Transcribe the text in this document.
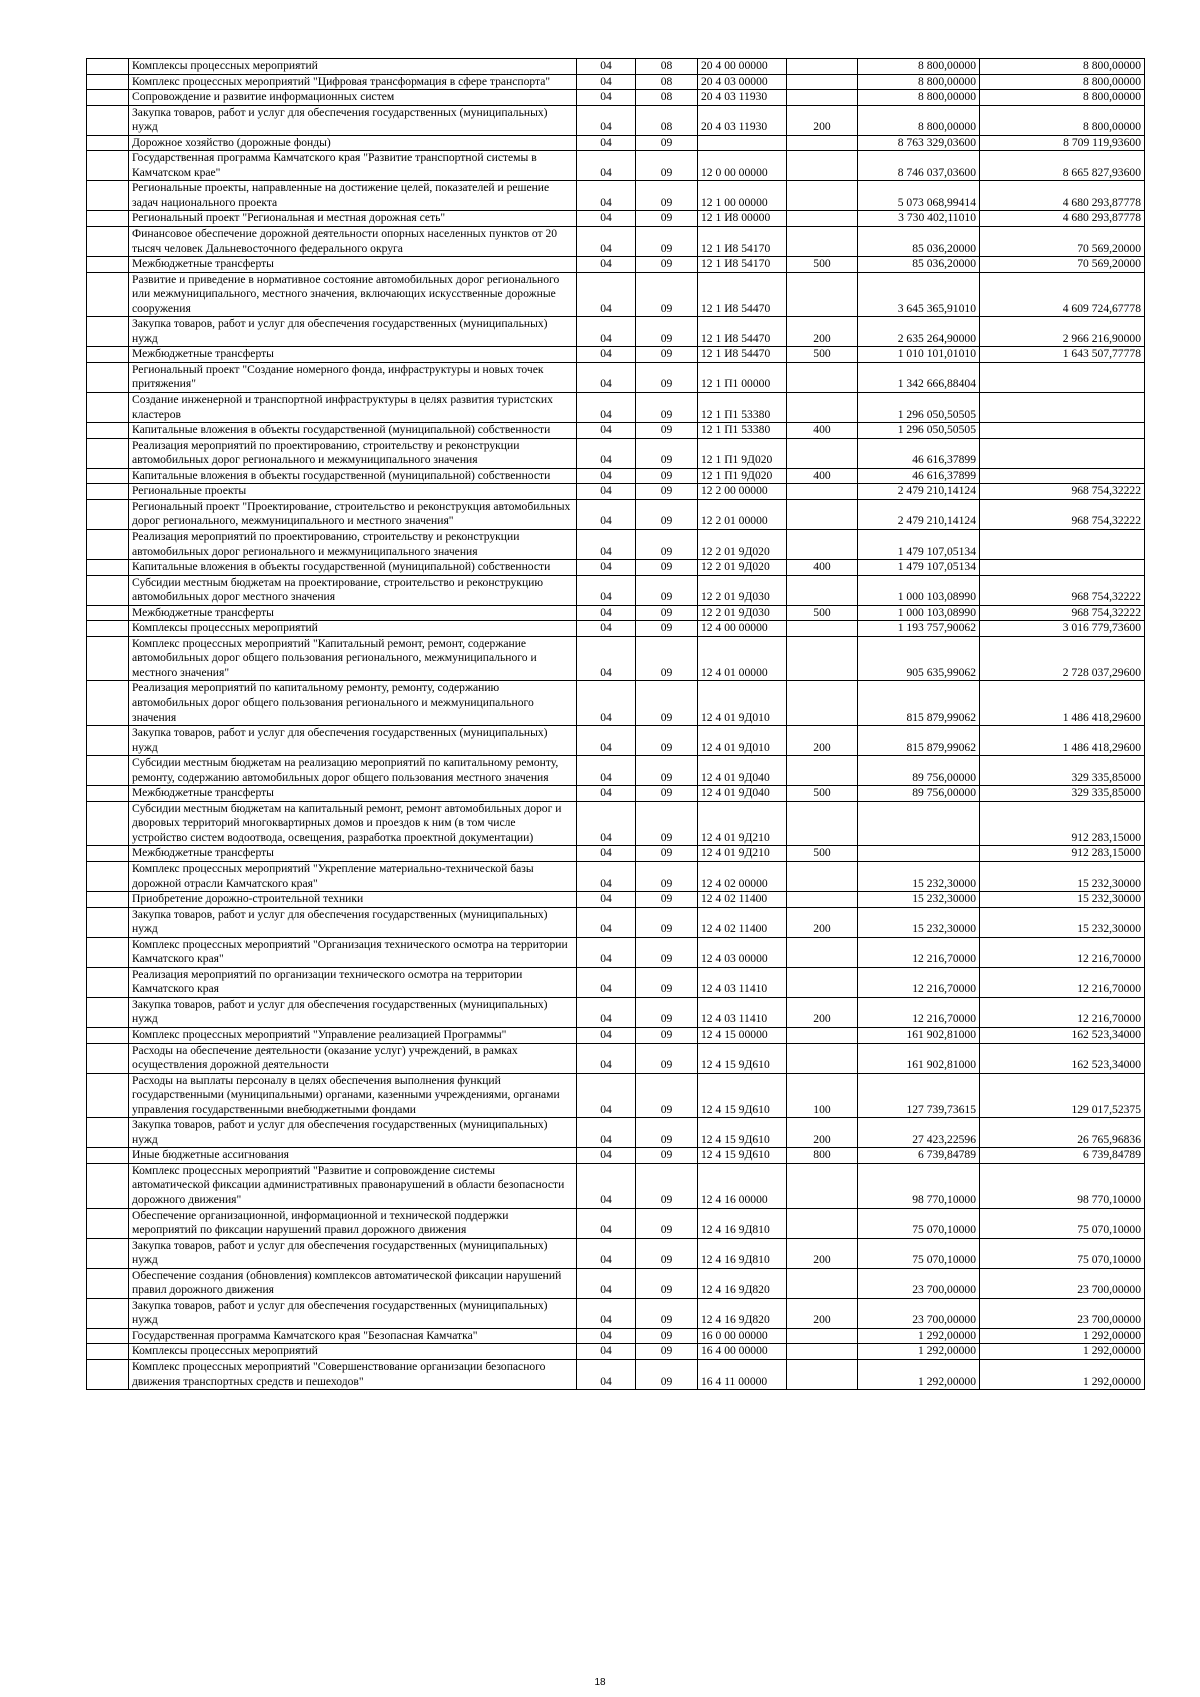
	Комплексы процессных мероприятий	04	08	20 4 00 00000		8 800,00000	8 800,00000
	Комплекс процессных мероприятий "Цифровая трансформация в сфере транспорта"	04	08	20 4 03 00000		8 800,00000	8 800,00000
	Сопровождение и развитие информационных систем	04	08	20 4 03 11930		8 800,00000	8 800,00000
	Закупка товаров, работ и услуг для обеспечения государственных (муниципальных) нужд	04	08	20 4 03 11930	200	8 800,00000	8 800,00000
	Дорожное хозяйство (дорожные фонды)	04	09			8 763 329,03600	8 709 119,93600
	Государственная программа Камчатского края "Развитие транспортной системы в Камчатском крае"	04	09	12 0 00 00000		8 746 037,03600	8 665 827,93600
	Региональные проекты, направленные на достижение целей, показателей и решение задач национального проекта	04	09	12 1 00 00000		5 073 068,99414	4 680 293,87778
	Региональный проект "Региональная и местная дорожная сеть"	04	09	12 1 И8 00000		3 730 402,11010	4 680 293,87778
	Финансовое обеспечение дорожной деятельности опорных населенных пунктов от 20 тысяч человек Дальневосточного федерального округа	04	09	12 1 И8 54170		85 036,20000	70 569,20000
	Межбюджетные трансферты	04	09	12 1 И8 54170	500	85 036,20000	70 569,20000
	Развитие и приведение в нормативное состояние автомобильных дорог регионального или межмуниципального, местного значения, включающих искусственные дорожные сооружения	04	09	12 1 И8 54470		3 645 365,91010	4 609 724,67778
	Закупка товаров, работ и услуг для обеспечения государственных (муниципальных) нужд	04	09	12 1 И8 54470	200	2 635 264,90000	2 966 216,90000
	Межбюджетные трансферты	04	09	12 1 И8 54470	500	1 010 101,01010	1 643 507,77778
	Региональный проект "Создание номерного фонда, инфраструктуры и новых точек притяжения"	04	09	12 1 П1 00000		1 342 666,88404	
	Создание инженерной и транспортной инфраструктуры в целях развития туристских кластеров	04	09	12 1 П1 53380		1 296 050,50505	
	Капитальные вложения в объекты государственной (муниципальной) собственности	04	09	12 1 П1 53380	400	1 296 050,50505	
	Реализация мероприятий по проектированию, строительству и реконструкции автомобильных дорог регионального и межмуниципального значения	04	09	12 1 П1 9Д020		46 616,37899	
	Капитальные вложения в объекты государственной (муниципальной) собственности	04	09	12 1 П1 9Д020	400	46 616,37899	
	Региональные проекты	04	09	12 2 00 00000		2 479 210,14124	968 754,32222
	Региональный проект "Проектирование, строительство и реконструкция автомобильных дорог регионального, межмуниципального и местного значения"	04	09	12 2 01 00000		2 479 210,14124	968 754,32222
	Реализация мероприятий по проектированию, строительству и реконструкции автомобильных дорог регионального и межмуниципального значения	04	09	12 2 01 9Д020		1 479 107,05134	
	Капитальные вложения в объекты государственной (муниципальной) собственности	04	09	12 2 01 9Д020	400	1 479 107,05134	
	Субсидии местным бюджетам на проектирование, строительство и реконструкцию автомобильных дорог местного значения	04	09	12 2 01 9Д030		1 000 103,08990	968 754,32222
	Межбюджетные трансферты	04	09	12 2 01 9Д030	500	1 000 103,08990	968 754,32222
	Комплексы процессных мероприятий	04	09	12 4 00 00000		1 193 757,90062	3 016 779,73600
	Комплекс процессных мероприятий "Капитальный ремонт, ремонт, содержание автомобильных дорог общего пользования регионального, межмуниципального и местного значения"	04	09	12 4 01 00000		905 635,99062	2 728 037,29600
	Реализация мероприятий по капитальному ремонту, ремонту, содержанию автомобильных дорог общего пользования регионального и межмуниципального значения	04	09	12 4 01 9Д010		815 879,99062	1 486 418,29600
	Закупка товаров, работ и услуг для обеспечения государственных (муниципальных) нужд	04	09	12 4 01 9Д010	200	815 879,99062	1 486 418,29600
	Субсидии местным бюджетам на реализацию мероприятий по капитальному ремонту, ремонту, содержанию автомобильных дорог общего пользования местного значения	04	09	12 4 01 9Д040		89 756,00000	329 335,85000
	Межбюджетные трансферты	04	09	12 4 01 9Д040	500	89 756,00000	329 335,85000
	Субсидии местным бюджетам на капитальный ремонт, ремонт автомобильных дорог и дворовых территорий многоквартирных домов и проездов к ним (в том числе устройство систем водоотвода, освещения, разработка проектной документации)	04	09	12 4 01 9Д210			912 283,15000
	Межбюджетные трансферты	04	09	12 4 01 9Д210	500		912 283,15000
	Комплекс процессных мероприятий "Укрепление материально-технической базы дорожной отрасли Камчатского края"	04	09	12 4 02 00000		15 232,30000	15 232,30000
	Приобретение дорожно-строительной техники	04	09	12 4 02 11400		15 232,30000	15 232,30000
	Закупка товаров, работ и услуг для обеспечения государственных (муниципальных) нужд	04	09	12 4 02 11400	200	15 232,30000	15 232,30000
	Комплекс процессных мероприятий "Организация технического осмотра на территории Камчатского края"	04	09	12 4 03 00000		12 216,70000	12 216,70000
	Реализация мероприятий по организации технического осмотра на территории Камчатского края	04	09	12 4 03 11410		12 216,70000	12 216,70000
	Закупка товаров, работ и услуг для обеспечения государственных (муниципальных) нужд	04	09	12 4 03 11410	200	12 216,70000	12 216,70000
	Комплекс процессных мероприятий "Управление реализацией Программы"	04	09	12 4 15 00000		161 902,81000	162 523,34000
	Расходы на обеспечение деятельности (оказание услуг) учреждений, в рамках осуществления дорожной деятельности	04	09	12 4 15 9Д610		161 902,81000	162 523,34000
	Расходы на выплаты персоналу в целях обеспечения выполнения функций государственными (муниципальными) органами, казенными учреждениями, органами управления государственными внебюджетными фондами	04	09	12 4 15 9Д610	100	127 739,73615	129 017,52375
	Закупка товаров, работ и услуг для обеспечения государственных (муниципальных) нужд	04	09	12 4 15 9Д610	200	27 423,22596	26 765,96836
	Иные бюджетные ассигнования	04	09	12 4 15 9Д610	800	6 739,84789	6 739,84789
	Комплекс процессных мероприятий "Развитие и сопровождение системы автоматической фиксации административных правонарушений в области безопасности дорожного движения"	04	09	12 4 16 00000		98 770,10000	98 770,10000
	Обеспечение организационной, информационной и технической поддержки мероприятий по фиксации нарушений правил дорожного движения	04	09	12 4 16 9Д810		75 070,10000	75 070,10000
	Закупка товаров, работ и услуг для обеспечения государственных (муниципальных) нужд	04	09	12 4 16 9Д810	200	75 070,10000	75 070,10000
	Обеспечение создания (обновления) комплексов автоматической фиксации нарушений правил дорожного движения	04	09	12 4 16 9Д820		23 700,00000	23 700,00000
	Закупка товаров, работ и услуг для обеспечения государственных (муниципальных) нужд	04	09	12 4 16 9Д820	200	23 700,00000	23 700,00000
	Государственная программа Камчатского края "Безопасная Камчатка"	04	09	16 0 00 00000		1 292,00000	1 292,00000
	Комплексы процессных мероприятий	04	09	16 4 00 00000		1 292,00000	1 292,00000
	Комплекс процессных мероприятий "Совершенствование организации безопасного движения транспортных средств и пешеходов"	04	09	16 4 11 00000		1 292,00000	1 292,00000
18
